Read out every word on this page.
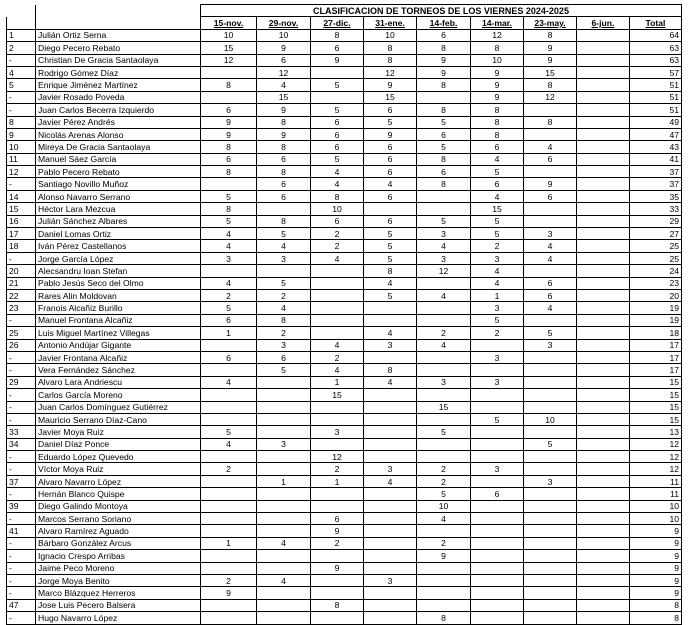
		CLASIFICACION DE TORNEOS DE LOS VIERNES 2024-2025								
		15-nov.	29-nov.	27-dic.	31-ene.	14-feb.	14-mar.	23-may.	6-jun.	Total
1	Julián Ortiz Serna	10	10	8	10	6	12	8		64
2	Diego Pecero Rebato	15	9	6	8	8	8	9		63
-	Christian De Gracia Santaolaya	12	6	9	8	9	10	9		63
4	Rodrigo Gómez Díaz		12		12	9	9	15		57
5	Enrique Jiménez Martínez	8	4	5	9	8	9	8		51
-	Javier Rosado Poveda		15		15		9	12		51
-	Juan Carlos Becerra Izquierdo	6	9	5	6	8	8			51
8	Javier Pérez Andrés	9	8	6	5	5	8	8		49
9	Nicolás Arenas Alonso	9	9	6	9	6	8			47
10	Mireya De Gracia Santaolaya	8	8	6	6	5	6	4		43
11	Manuel Sáez García	6	6	5	6	8	4	6		41
12	Pablo Pecero Rebato	8	8	4	6	6	5			37
-	Santiago Novillo Muñoz		6	4	4	8	6	9		37
14	Alonso Navarro Serrano	5	6	8	6		4	6		35
15	Héctor Lara Mezcua	8		10			15			33
16	Julián Sánchez Albares	5	8	6	6	5	5			29
17	Daniel Lomas Ortiz	4	5	2	5	3	5	3		27
18	Iván Pérez Castellanos	4	4	2	5	4	2	4		25
-	Jorge García López	3	3	4	5	3	3	4		25
20	Alecsandru Ioan Stefan				8	12	4			24
21	Pablo Jesús Seco del Olmo	4	5		4		4	6		23
22	Rares Alin Moldovan	2	2		5	4	1	6		20
23	Franois Alcañiz Burillo	5	4				3	4		19
-	Manuel Frontana Alcañiz	6	8				5			19
25	Luis Miguel Martínez Villegas	1	2		4	2	2	5		18
26	Antonio Andújar Gigante		3	4	3	4		3		17
-	Javier Frontana Alcañiz	6	6	2			3			17
-	Vera Fernández Sánchez		5	4	8					17
29	Alvaro Lara Andriescu	4		1	4	3	3			15
-	Carlos García Moreno			15						15
-	Juan Carlos Domínguez Gutiérrez					15				15
-	Mauricio Serrano Díaz-Cano						5	10		15
33	Javier Moya Ruiz	5		3		5				13
34	Daniel Díaz Ponce	4	3					5		12
-	Eduardo López Quevedo			12						12
-	Víctor Moya Ruiz	2		2	3	2	3			12
37	Alvaro Navarro López		1	1	4	2		3		11
-	Hernán Blanco Quispe					5	6			11
39	Diego Galindo Montoya					10				10
-	Marcos Serrano Soriano			6		4				10
41	Alvaro Ramírez Aguado			9						9
-	Bárbaro González Arcus	1	4	2		2				9
-	Ignacio Crespo Arribas					9				9
-	Jaime Peco Moreno			9						9
-	Jorge Moya Benito	2	4		3					9
-	Marco Blázquez Herreros	9								9
47	Jose Luis Pecero Balsera			8						8
-	Hugo Navarro López					8				8
